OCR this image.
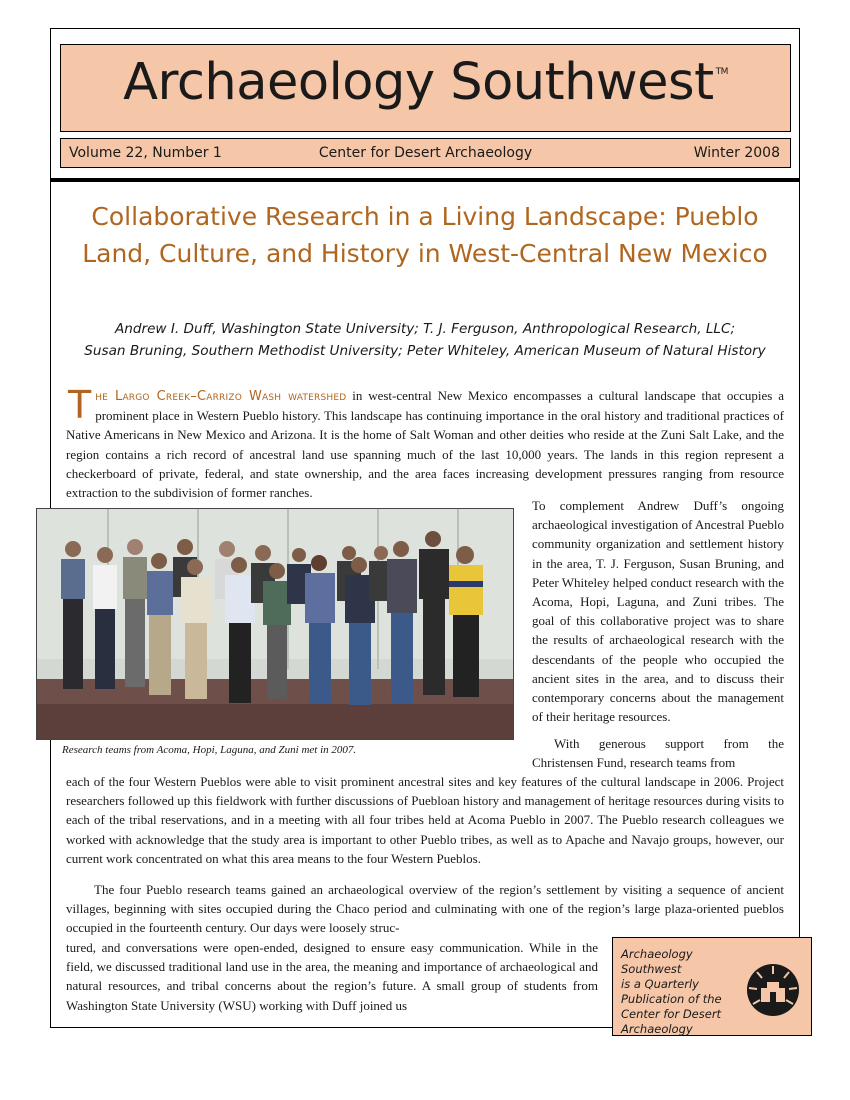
Archaeology Southwest ™
Volume 22, Number 1	Center for Desert Archaeology	Winter 2008
Collaborative Research in a Living Landscape: Pueblo Land, Culture, and History in West-Central New Mexico
Andrew I. Duff, Washington State University; T. J. Ferguson, Anthropological Research, LLC;
Susan Bruning, Southern Methodist University; Peter Whiteley, American Museum of Natural History

The Largo Creek–Carrizo Wash watershed in west-central New Mexico encompasses a cultural landscape that occupies a prominent place in Western Pueblo history. This landscape has continuing importance in the oral history and traditional practices of Native Americans in New Mexico and Arizona. It is the home of Salt Woman and other deities who reside at the Zuni Salt Lake, and the region contains a rich record of ancestral land use spanning much of the last 10,000 years. The lands in this region represent a checkerboard of private, federal, and state ownership, and the area faces increasing development pressures ranging from resource extraction to the subdivision of former ranches.

Research teams from Acoma, Hopi, Laguna, and Zuni met in 2007.

To complement Andrew Duff’s ongoing archaeological investigation of Ancestral Pueblo community organization and settlement history in the area, T. J. Ferguson, Susan Bruning, and Peter Whiteley helped conduct research with the Acoma, Hopi, Laguna, and Zuni tribes. The goal of this collaborative project was to share the results of archaeological research with the descendants of the people who occupied the ancient sites in the area, and to discuss their contemporary concerns about the management of their heritage resources.

With generous support from the Christensen Fund, research teams from

each of the four Western Pueblos were able to visit prominent ancestral sites and key features of the cultural landscape in 2006. Project researchers followed up this fieldwork with further discussions of Puebloan history and management of heritage resources during visits to each of the tribal reservations, and in a meeting with all four tribes held at Acoma Pueblo in 2007. The Pueblo research colleagues we worked with acknowledge that the study area is important to other Pueblo tribes, as well as to Apache and Navajo groups, however, our current work concentrated on what this area means to the four Western Pueblos.

The four Pueblo research teams gained an archaeological overview of the region’s settlement by visiting a sequence of ancient villages, beginning with sites occupied during the Chaco period and culminating with one of the region’s large plaza-oriented pueblos occupied in the fourteenth century. Our days were loosely struc-

tured, and conversations were open-ended, designed to ensure easy communication. While in the field, we discussed traditional land use in the area, the meaning and importance of archaeological and natural resources, and tribal concerns about the region’s future. A small group of students from Washington State University (WSU) working with Duff joined us

Archaeology Southwest
is a Quarterly
Publication of the
Center for Desert
Archaeology
